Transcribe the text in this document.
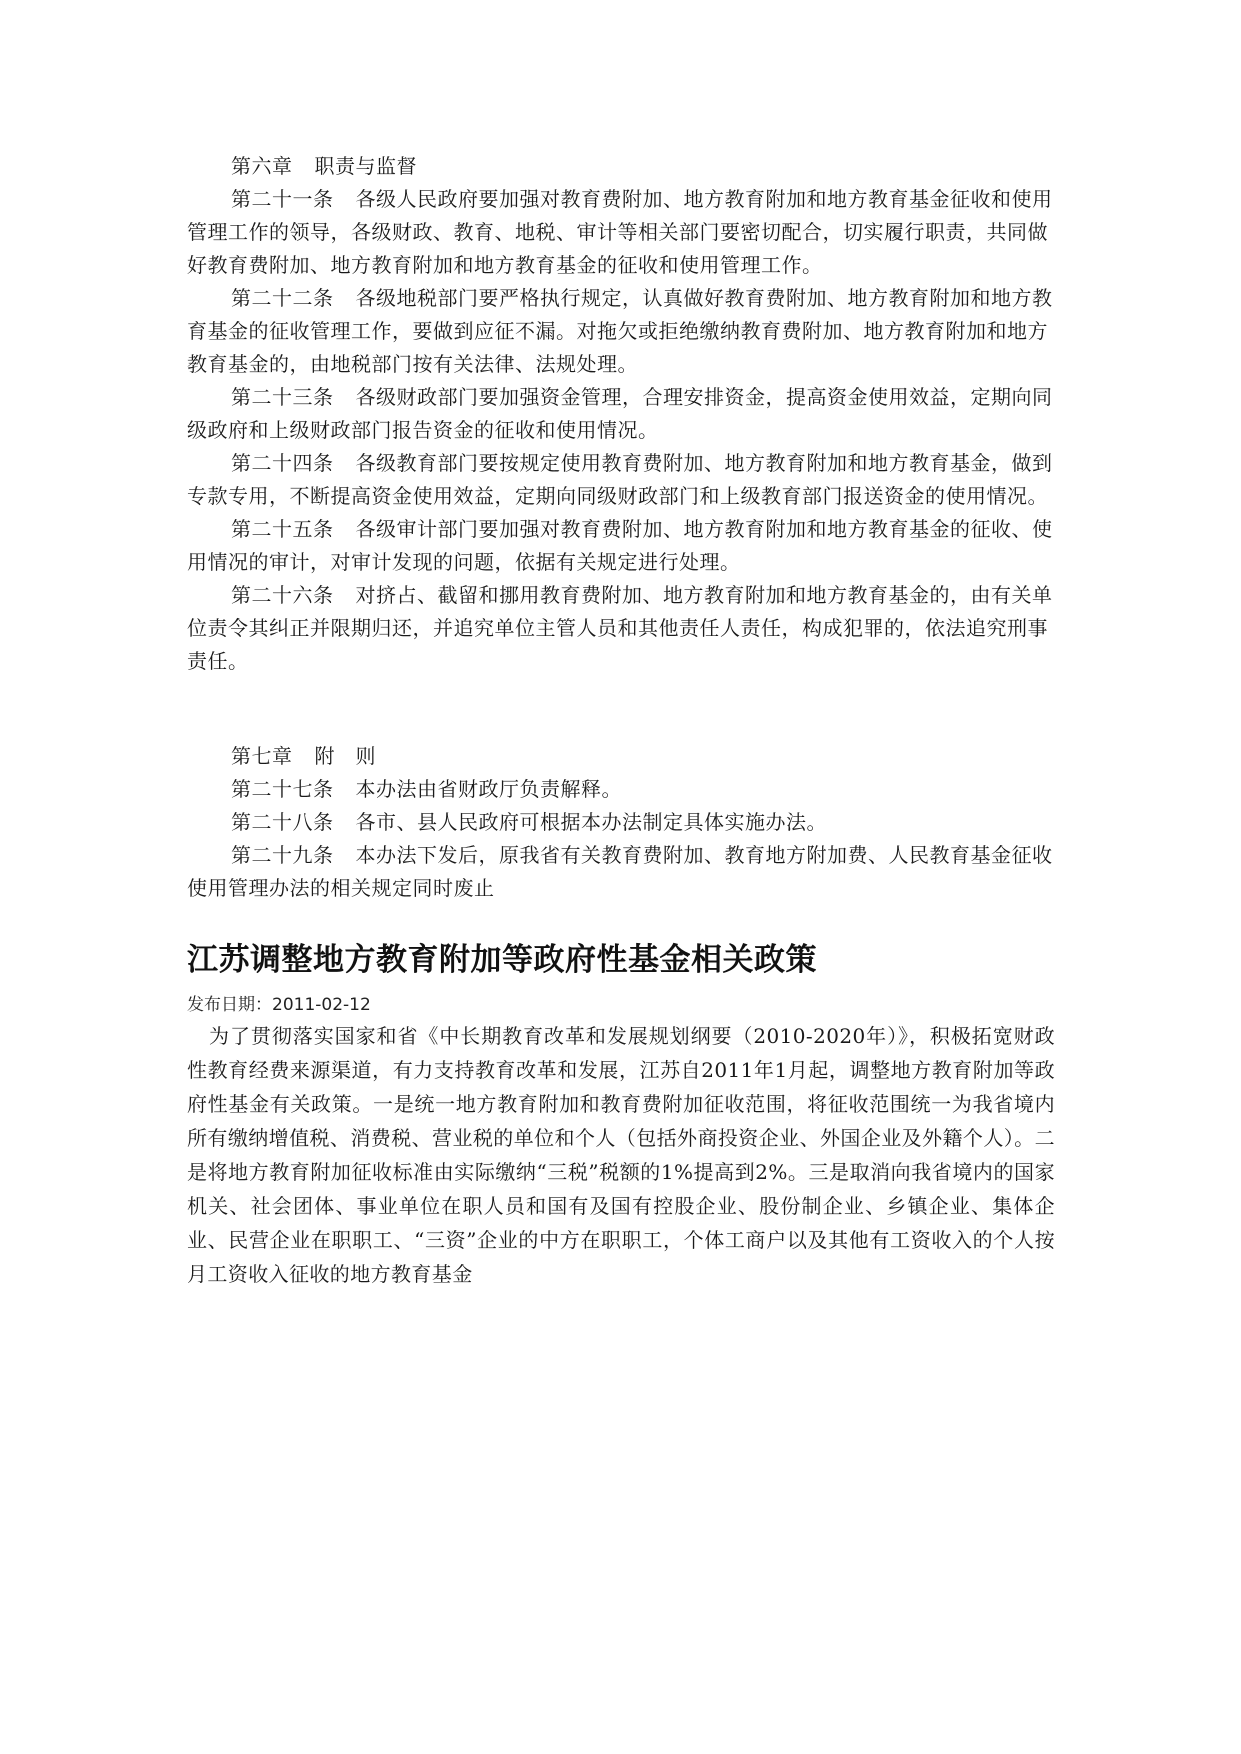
第六章 职责与监督

第二十一条 各级人民政府要加强对教育费附加、地方教育附加和地方教育基金征收和使用管理工作的领导，各级财政、教育、地税、审计等相关部门要密切配合，切实履行职责，共同做好教育费附加、地方教育附加和地方教育基金的征收和使用管理工作。

第二十二条 各级地税部门要严格执行规定，认真做好教育费附加、地方教育附加和地方教育基金的征收管理工作，要做到应征不漏。对拖欠或拒绝缴纳教育费附加、地方教育附加和地方教育基金的，由地税部门按有关法律、法规处理。

第二十三条 各级财政部门要加强资金管理，合理安排资金，提高资金使用效益，定期向同级政府和上级财政部门报告资金的征收和使用情况。

第二十四条 各级教育部门要按规定使用教育费附加、地方教育附加和地方教育基金，做到专款专用，不断提高资金使用效益，定期向同级财政部门和上级教育部门报送资金的使用情况。

第二十五条 各级审计部门要加强对教育费附加、地方教育附加和地方教育基金的征收、使用情况的审计，对审计发现的问题，依据有关规定进行处理。

第二十六条 对挤占、截留和挪用教育费附加、地方教育附加和地方教育基金的，由有关单位责令其纠正并限期归还，并追究单位主管人员和其他责任人责任，构成犯罪的，依法追究刑事责任。

第七章 附　则

第二十七条 本办法由省财政厅负责解释。

第二十八条 各市、县人民政府可根据本办法制定具体实施办法。

第二十九条 本办法下发后，原我省有关教育费附加、教育地方附加费、人民教育基金征收使用管理办法的相关规定同时废止

江苏调整地方教育附加等政府性基金相关政策
发布日期：2011-02-12

为了贯彻落实国家和省《中长期教育改革和发展规划纲要（2010-2020年）》，积极拓宽财政性教育经费来源渠道，有力支持教育改革和发展，江苏自2011年1月起，调整地方教育附加等政府性基金有关政策。一是统一地方教育附加和教育费附加征收范围，将征收范围统一为我省境内所有缴纳增值税、消费税、营业税的单位和个人（包括外商投资企业、外国企业及外籍个人）。二是将地方教育附加征收标准由实际缴纳“三税”税额的1%提高到2%。三是取消向我省境内的国家机关、社会团体、事业单位在职人员和国有及国有控股企业、股份制企业、乡镇企业、集体企业、民营企业在职职工、“三资”企业的中方在职职工，个体工商户以及其他有工资收入的个人按月工资收入征收的地方教育基金
